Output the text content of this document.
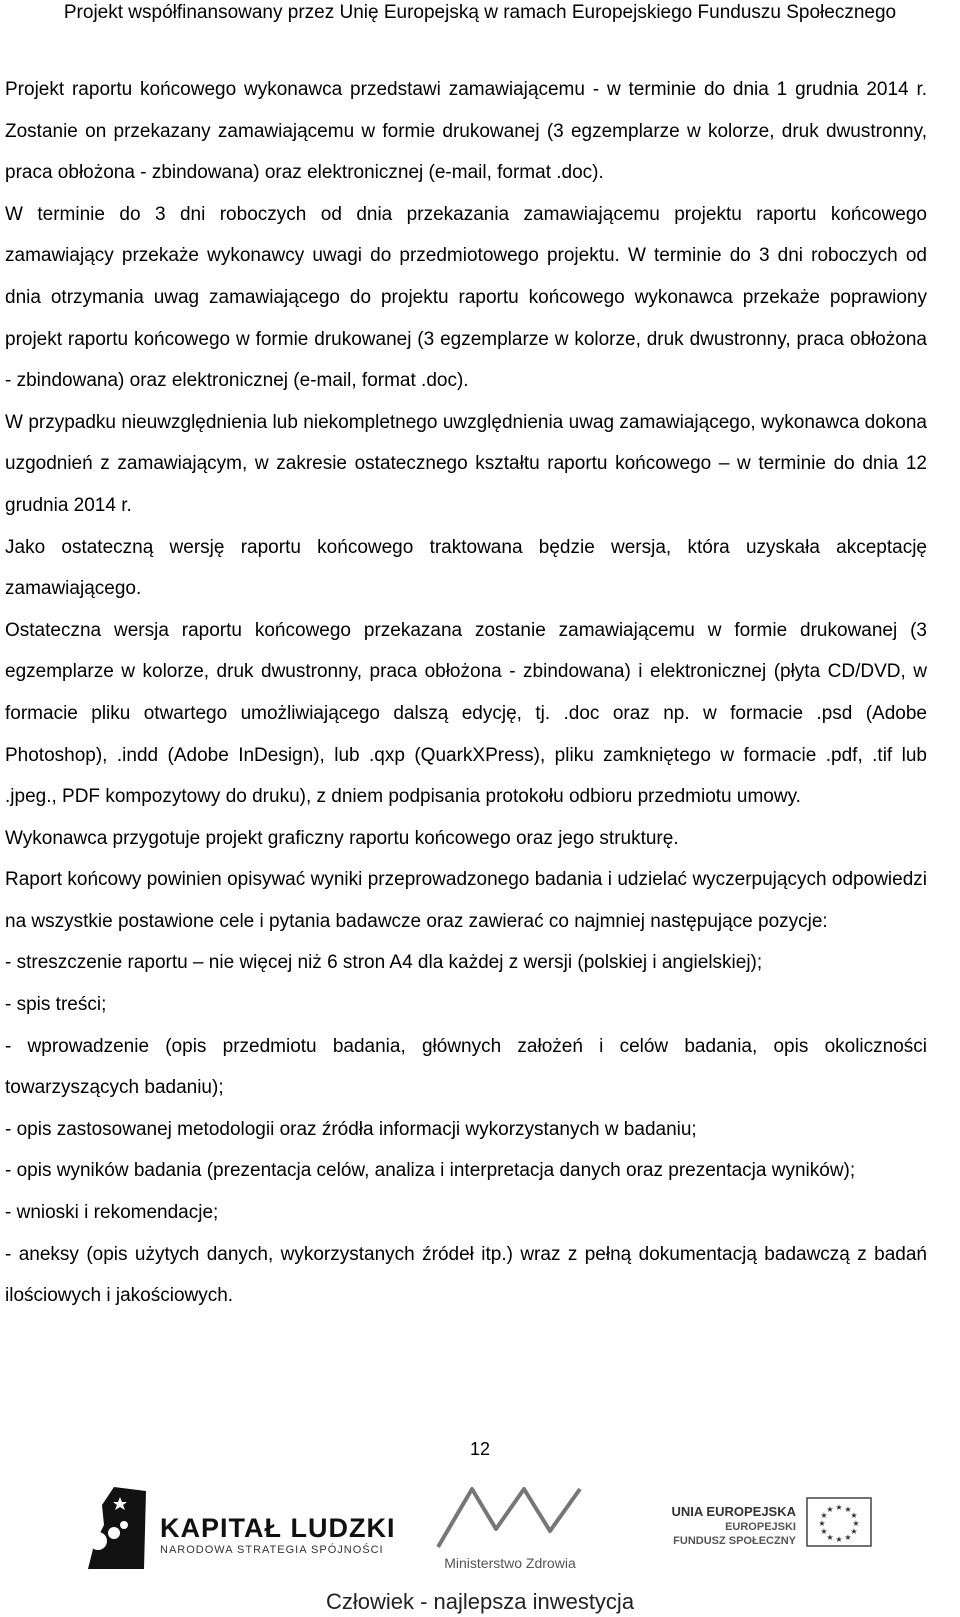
Projekt współfinansowany przez Unię Europejską w ramach Europejskiego Funduszu Społecznego

Projekt raportu końcowego wykonawca przedstawi zamawiającemu - w terminie do dnia 1 grudnia 2014 r. Zostanie on przekazany zamawiającemu w formie drukowanej (3 egzemplarze w kolorze, druk dwustronny, praca obłożona - zbindowana) oraz elektronicznej (e-mail, format .doc).

W terminie do 3 dni roboczych od dnia przekazania zamawiającemu projektu raportu końcowego zamawiający przekaże wykonawcy uwagi do przedmiotowego projektu. W terminie do 3 dni roboczych od dnia otrzymania uwag zamawiającego do projektu raportu końcowego wykonawca przekaże poprawiony projekt raportu końcowego w formie drukowanej (3 egzemplarze w kolorze, druk dwustronny, praca obłożona - zbindowana) oraz elektronicznej (e-mail, format .doc).

W przypadku nieuwzględnienia lub niekompletnego uwzględnienia uwag zamawiającego, wykonawca dokona uzgodnień z zamawiającym, w zakresie ostatecznego kształtu raportu końcowego – w terminie do dnia 12 grudnia 2014 r.

Jako ostateczną wersję raportu końcowego traktowana będzie wersja, która uzyskała akceptację zamawiającego.

Ostateczna wersja raportu końcowego przekazana zostanie zamawiającemu w formie drukowanej (3 egzemplarze w kolorze, druk dwustronny, praca obłożona - zbindowana) i elektronicznej (płyta CD/DVD, w formacie pliku otwartego umożliwiającego dalszą edycję, tj. .doc oraz np. w formacie .psd (Adobe Photoshop), .indd (Adobe InDesign), lub .qxp (QuarkXPress), pliku zamkniętego w formacie .pdf, .tif lub .jpeg., PDF kompozytowy do druku), z dniem podpisania protokołu odbioru przedmiotu umowy.

Wykonawca przygotuje projekt graficzny raportu końcowego oraz jego strukturę.

Raport końcowy powinien opisywać wyniki przeprowadzonego badania i udzielać wyczerpujących odpowiedzi na wszystkie postawione cele i pytania badawcze oraz zawierać co najmniej następujące pozycje:

- streszczenie raportu – nie więcej niż 6 stron A4 dla każdej z wersji (polskiej i angielskiej);

- spis treści;

- wprowadzenie (opis przedmiotu badania, głównych założeń i celów badania, opis okoliczności towarzyszących badaniu);

- opis zastosowanej metodologii oraz źródła informacji wykorzystanych w badaniu;

- opis wyników badania (prezentacja celów, analiza i interpretacja danych oraz prezentacja wyników);

- wnioski i rekomendacje;

- aneksy (opis użytych danych, wykorzystanych źródeł itp.) wraz z pełną dokumentacją badawczą z badań ilościowych i jakościowych.

12
KAPITAŁ LUDZKI
NARODOWA STRATEGIA SPÓJNOŚCI
Ministerstwo Zdrowia
UNIA EUROPEJSKA
EUROPEJSKI
FUNDUSZ SPOŁECZNY
★ ★
★
★
★
★
★
★
★
★
★
★
Człowiek - najlepsza inwestycja
